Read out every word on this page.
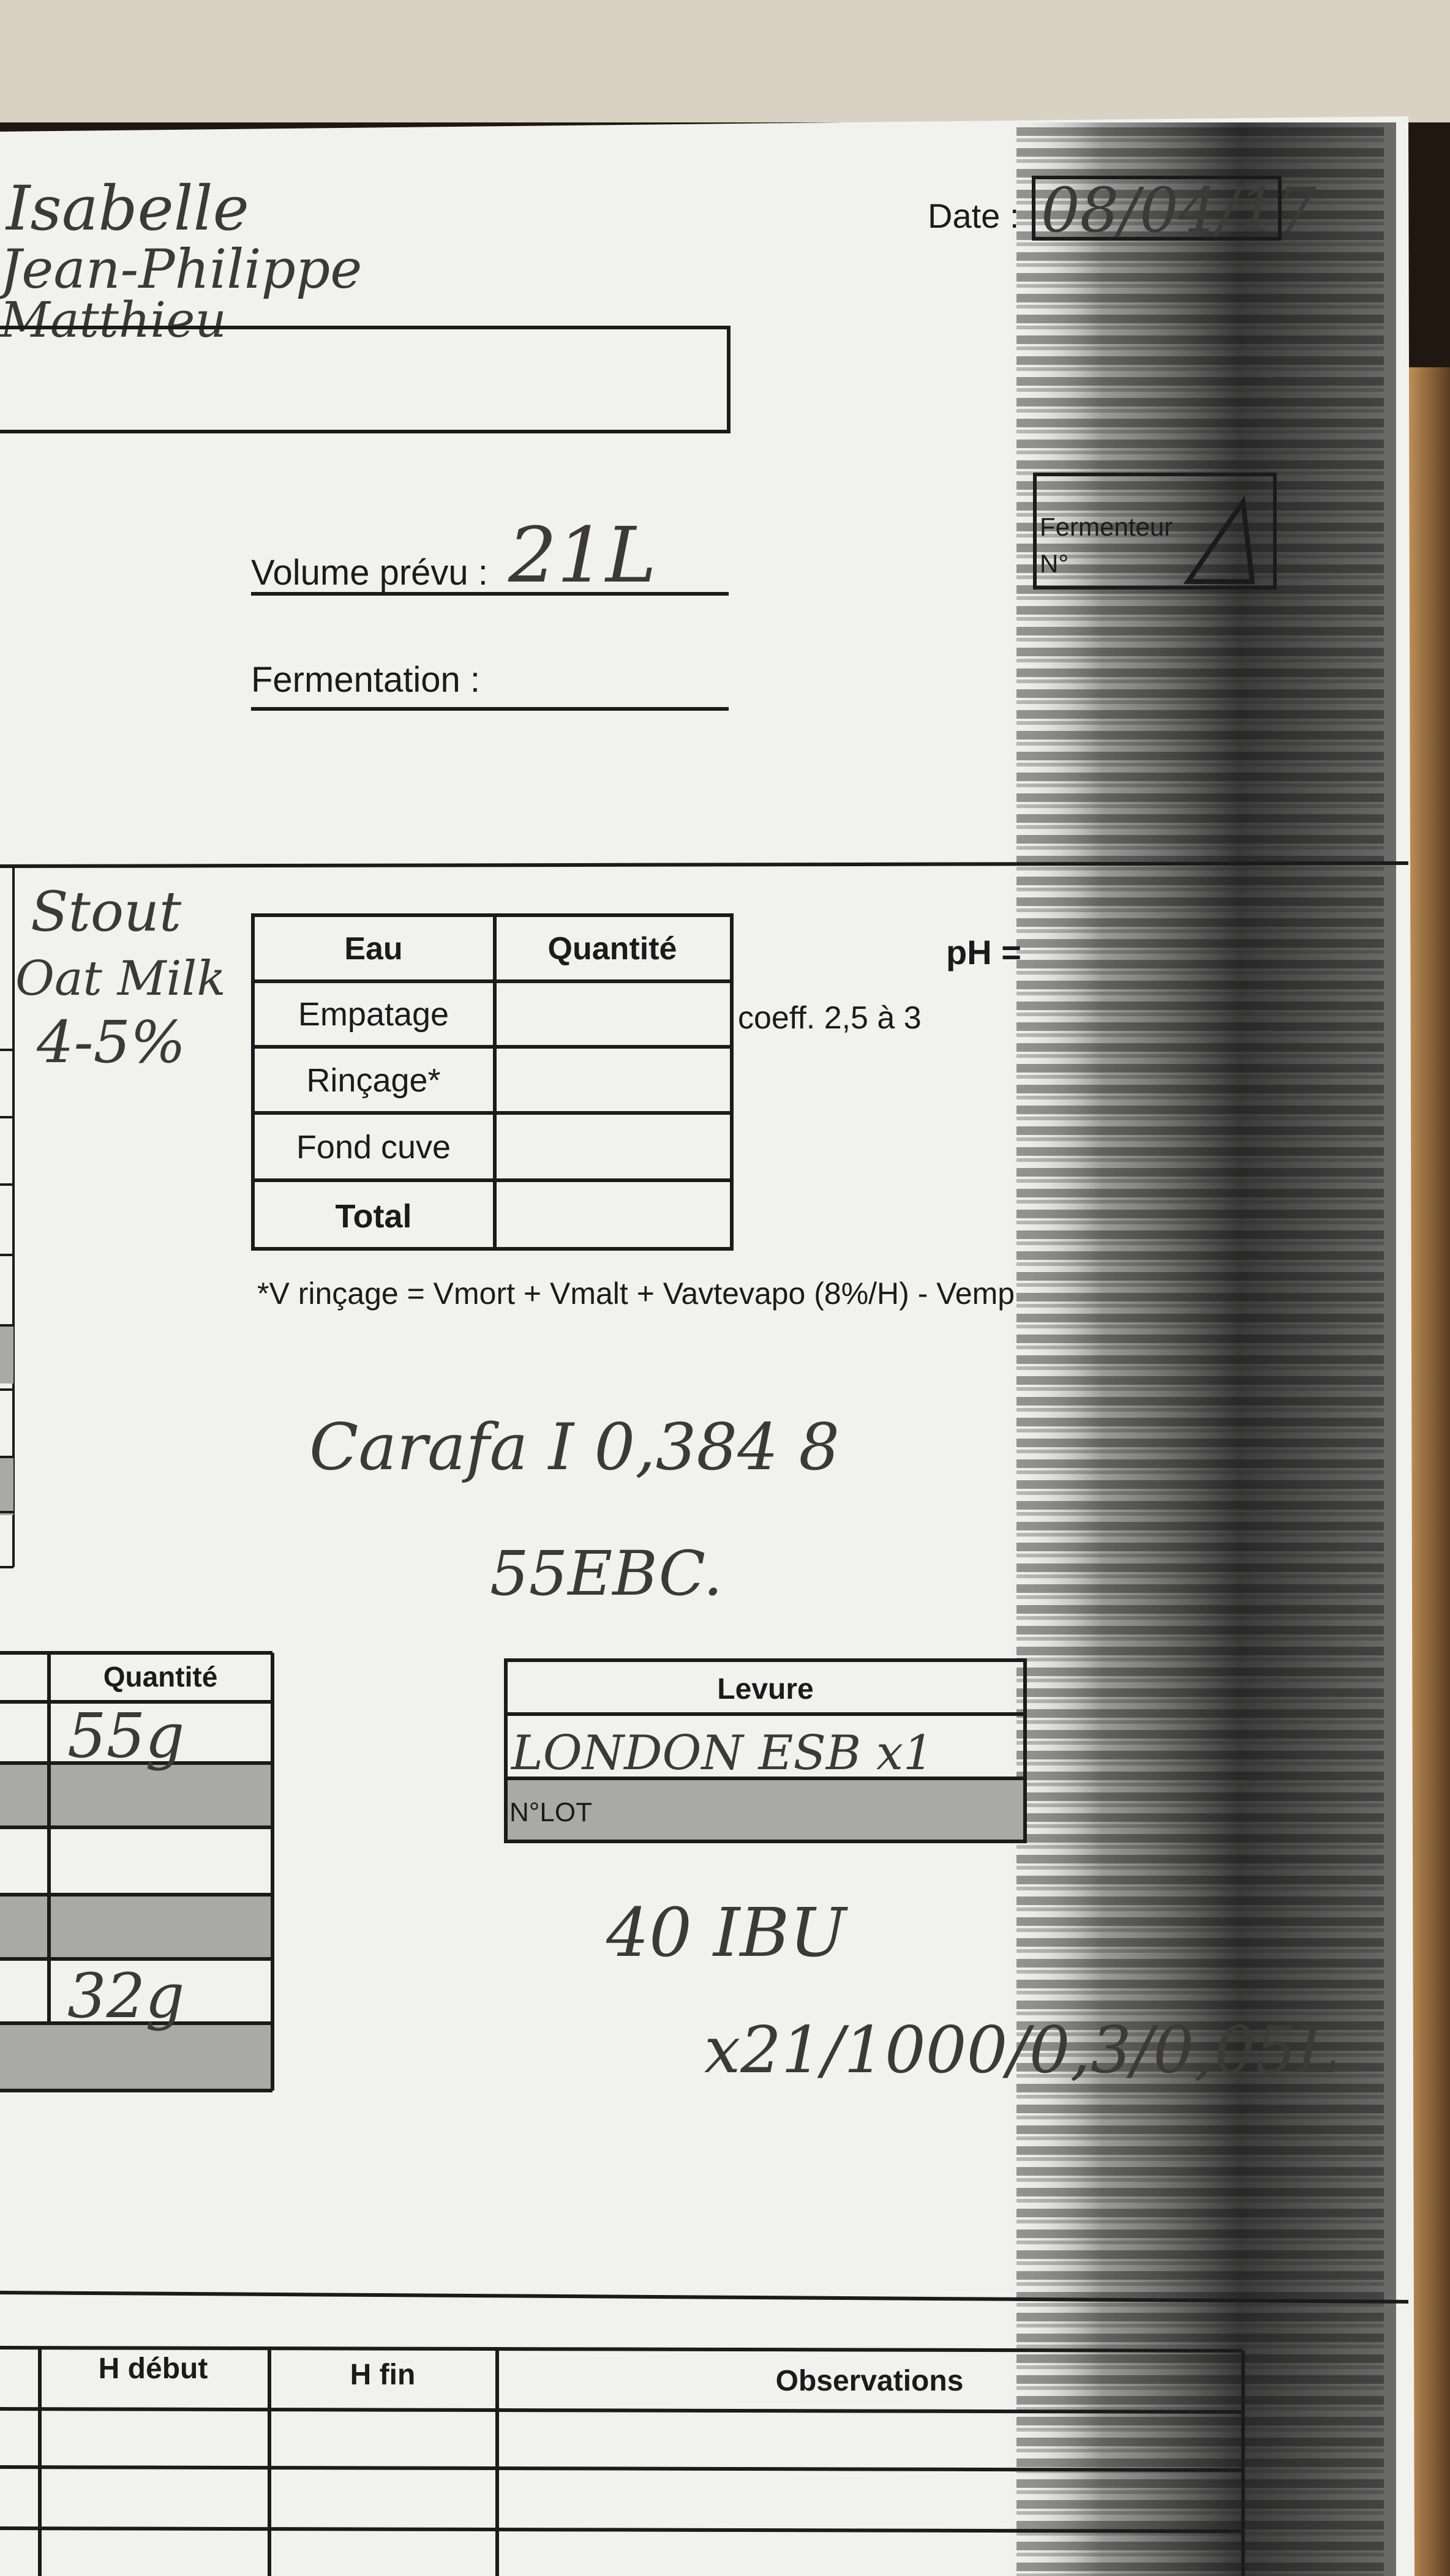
Isabelle
Jean-Philippe
Matthieu
Date : 08/04/17
Volume prévu : 21L
Fermentation :
Fermenteur
N°
Stout
Oat Milk
4-5%
Eau	Quantité
Empatage
Rinçage*
Fond cuve
Total
coeff. 2,5 à 3
pH =
*V rinçage = Vmort + Vmalt + Vavtevapo (8%/H) - Vemp
Carafa I 0,384 8
55EBC.
Quantité
55g
32g
Levure
LONDON ESB x1
N°LOT
40 IBU
x21/1000/0,3/0,05L
H début	H fin	Observations
